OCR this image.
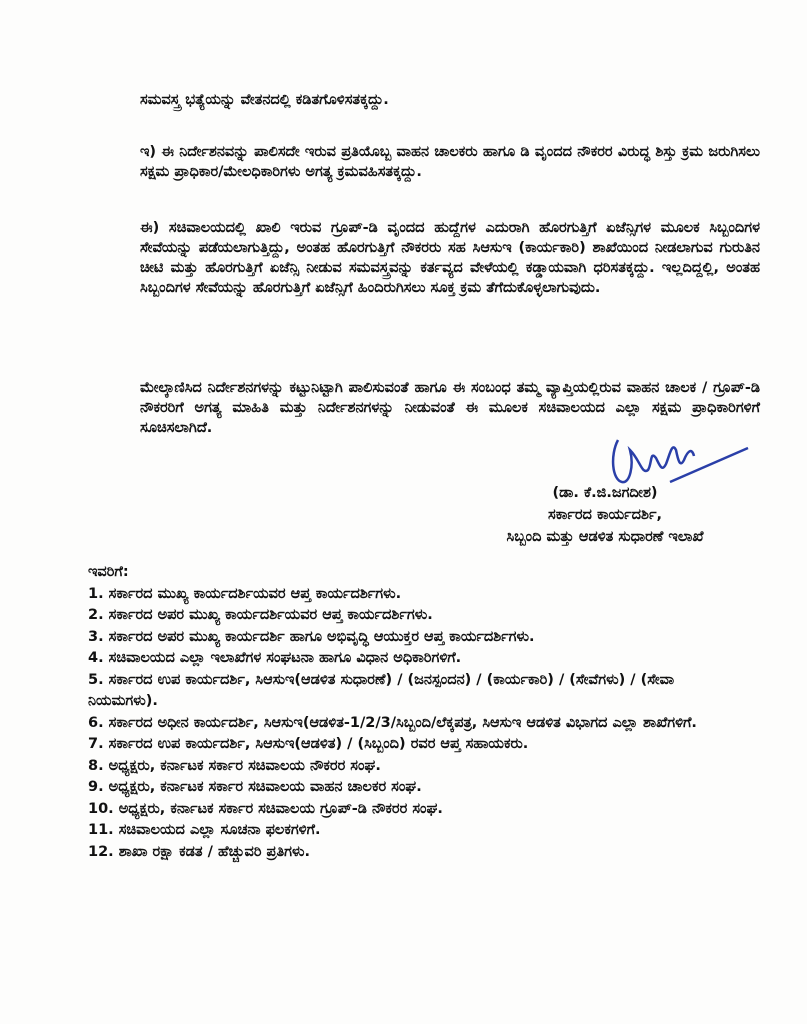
ಸಮವಸ್ತ್ರ ಭತ್ಯೆಯನ್ನು ವೇತನದಲ್ಲಿ ಕಡಿತಗೊಳಿಸತಕ್ಕದ್ದು.
ಇ) ಈ ನಿರ್ದೇಶನವನ್ನು ಪಾಲಿಸದೇ ಇರುವ ಪ್ರತಿಯೊಬ್ಬ ವಾಹನ ಚಾಲಕರು ಹಾಗೂ ಡಿ ವೃಂದದ ನೌಕರರ ವಿರುದ್ಧ ಶಿಸ್ತು ಕ್ರಮ ಜರುಗಿಸಲು ಸಕ್ಷಮ ಪ್ರಾಧಿಕಾರ/ಮೇಲಧಿಕಾರಿಗಳು ಅಗತ್ಯ ಕ್ರಮವಹಿಸತಕ್ಕದ್ದು.
ಈ) ಸಚಿವಾಲಯದಲ್ಲಿ ಖಾಲಿ ಇರುವ ಗ್ರೂಪ್-ಡಿ ವೃಂದದ ಹುದ್ದೆಗಳ ಎದುರಾಗಿ ಹೊರಗುತ್ತಿಗೆ ಏಜೆನ್ಸಿಗಳ ಮೂಲಕ ಸಿಬ್ಬಂದಿಗಳ ಸೇವೆಯನ್ನು ಪಡೆಯಲಾಗುತ್ತಿದ್ದು, ಅಂತಹ ಹೊರಗುತ್ತಿಗೆ ನೌಕರರು ಸಹ ಸಿಆಸುಇ (ಕಾರ್ಯಕಾರಿ) ಶಾಖೆಯಿಂದ ನೀಡಲಾಗುವ ಗುರುತಿನ ಚೀಟಿ ಮತ್ತು ಹೊರಗುತ್ತಿಗೆ ಏಜೆನ್ಸಿ ನೀಡುವ ಸಮವಸ್ತ್ರವನ್ನು ಕರ್ತವ್ಯದ ವೇಳೆಯಲ್ಲಿ ಕಡ್ಡಾಯವಾಗಿ ಧರಿಸತಕ್ಕದ್ದು. ಇಲ್ಲದಿದ್ದಲ್ಲಿ, ಅಂತಹ ಸಿಬ್ಬಂದಿಗಳ ಸೇವೆಯನ್ನು ಹೊರಗುತ್ತಿಗೆ ಏಜೆನ್ಸಿಗೆ ಹಿಂದಿರುಗಿಸಲು ಸೂಕ್ತ ಕ್ರಮ ತೆಗೆದುಕೊಳ್ಳಲಾಗುವುದು.
ಮೇಲ್ಕಾಣಿಸಿದ ನಿರ್ದೇಶನಗಳನ್ನು ಕಟ್ಟುನಿಟ್ಟಾಗಿ ಪಾಲಿಸುವಂತೆ ಹಾಗೂ ಈ ಸಂಬಂಧ ತಮ್ಮ ವ್ಯಾಪ್ತಿಯಲ್ಲಿರುವ ವಾಹನ ಚಾಲಕ / ಗ್ರೂಪ್-ಡಿ ನೌಕರರಿಗೆ ಅಗತ್ಯ ಮಾಹಿತಿ ಮತ್ತು ನಿರ್ದೇಶನಗಳನ್ನು ನೀಡುವಂತೆ ಈ ಮೂಲಕ ಸಚಿವಾಲಯದ ಎಲ್ಲಾ ಸಕ್ಷಮ ಪ್ರಾಧಿಕಾರಿಗಳಿಗೆ ಸೂಚಿಸಲಾಗಿದೆ.
(ಡಾ. ಕೆ.ಜಿ.ಜಗದೀಶ)
ಸರ್ಕಾರದ ಕಾರ್ಯದರ್ಶಿ,
ಸಿಬ್ಬಂದಿ ಮತ್ತು ಆಡಳಿತ ಸುಧಾರಣೆ ಇಲಾಖೆ
ಇವರಿಗೆ:
1. ಸರ್ಕಾರದ ಮುಖ್ಯ ಕಾರ್ಯದರ್ಶಿಯವರ ಆಪ್ತ ಕಾರ್ಯದರ್ಶಿಗಳು.
2. ಸರ್ಕಾರದ ಅಪರ ಮುಖ್ಯ ಕಾರ್ಯದರ್ಶಿಯವರ ಆಪ್ತ ಕಾರ್ಯದರ್ಶಿಗಳು.
3. ಸರ್ಕಾರದ ಅಪರ ಮುಖ್ಯ ಕಾರ್ಯದರ್ಶಿ ಹಾಗೂ ಅಭಿವೃದ್ಧಿ ಆಯುಕ್ತರ ಆಪ್ತ ಕಾರ್ಯದರ್ಶಿಗಳು.
4. ಸಚಿವಾಲಯದ ಎಲ್ಲಾ ಇಲಾಖೆಗಳ ಸಂಘಟನಾ ಹಾಗೂ ವಿಧಾನ ಅಧಿಕಾರಿಗಳಿಗೆ.
5. ಸರ್ಕಾರದ ಉಪ ಕಾರ್ಯದರ್ಶಿ, ಸಿಆಸುಇ(ಆಡಳಿತ ಸುಧಾರಣೆ) / (ಜನಸ್ಪಂದನ) / (ಕಾರ್ಯಕಾರಿ) / (ಸೇವೆಗಳು) / (ಸೇವಾ ನಿಯಮಗಳು).
6. ಸರ್ಕಾರದ ಅಧೀನ ಕಾರ್ಯದರ್ಶಿ, ಸಿಆಸುಇ(ಆಡಳಿತ-1/2/3/ಸಿಬ್ಬಂದಿ/ಲೆಕ್ಕಪತ್ರ, ಸಿಆಸುಇ ಆಡಳಿತ ವಿಭಾಗದ ಎಲ್ಲಾ ಶಾಖೆಗಳಿಗೆ.
7. ಸರ್ಕಾರದ ಉಪ ಕಾರ್ಯದರ್ಶಿ, ಸಿಆಸುಇ(ಆಡಳಿತ) / (ಸಿಬ್ಬಂದಿ) ರವರ ಆಪ್ತ ಸಹಾಯಕರು.
8. ಅಧ್ಯಕ್ಷರು, ಕರ್ನಾಟಕ ಸರ್ಕಾರ ಸಚಿವಾಲಯ ನೌಕರರ ಸಂಘ.
9. ಅಧ್ಯಕ್ಷರು, ಕರ್ನಾಟಕ ಸರ್ಕಾರ ಸಚಿವಾಲಯ ವಾಹನ ಚಾಲಕರ ಸಂಘ.
10. ಅಧ್ಯಕ್ಷರು, ಕರ್ನಾಟಕ ಸರ್ಕಾರ ಸಚಿವಾಲಯ ಗ್ರೂಪ್-ಡಿ ನೌಕರರ ಸಂಘ.
11. ಸಚಿವಾಲಯದ ಎಲ್ಲಾ ಸೂಚನಾ ಫಲಕಗಳಿಗೆ.
12. ಶಾಖಾ ರಕ್ಷಾ ಕಡತ / ಹೆಚ್ಚುವರಿ ಪ್ರತಿಗಳು.
